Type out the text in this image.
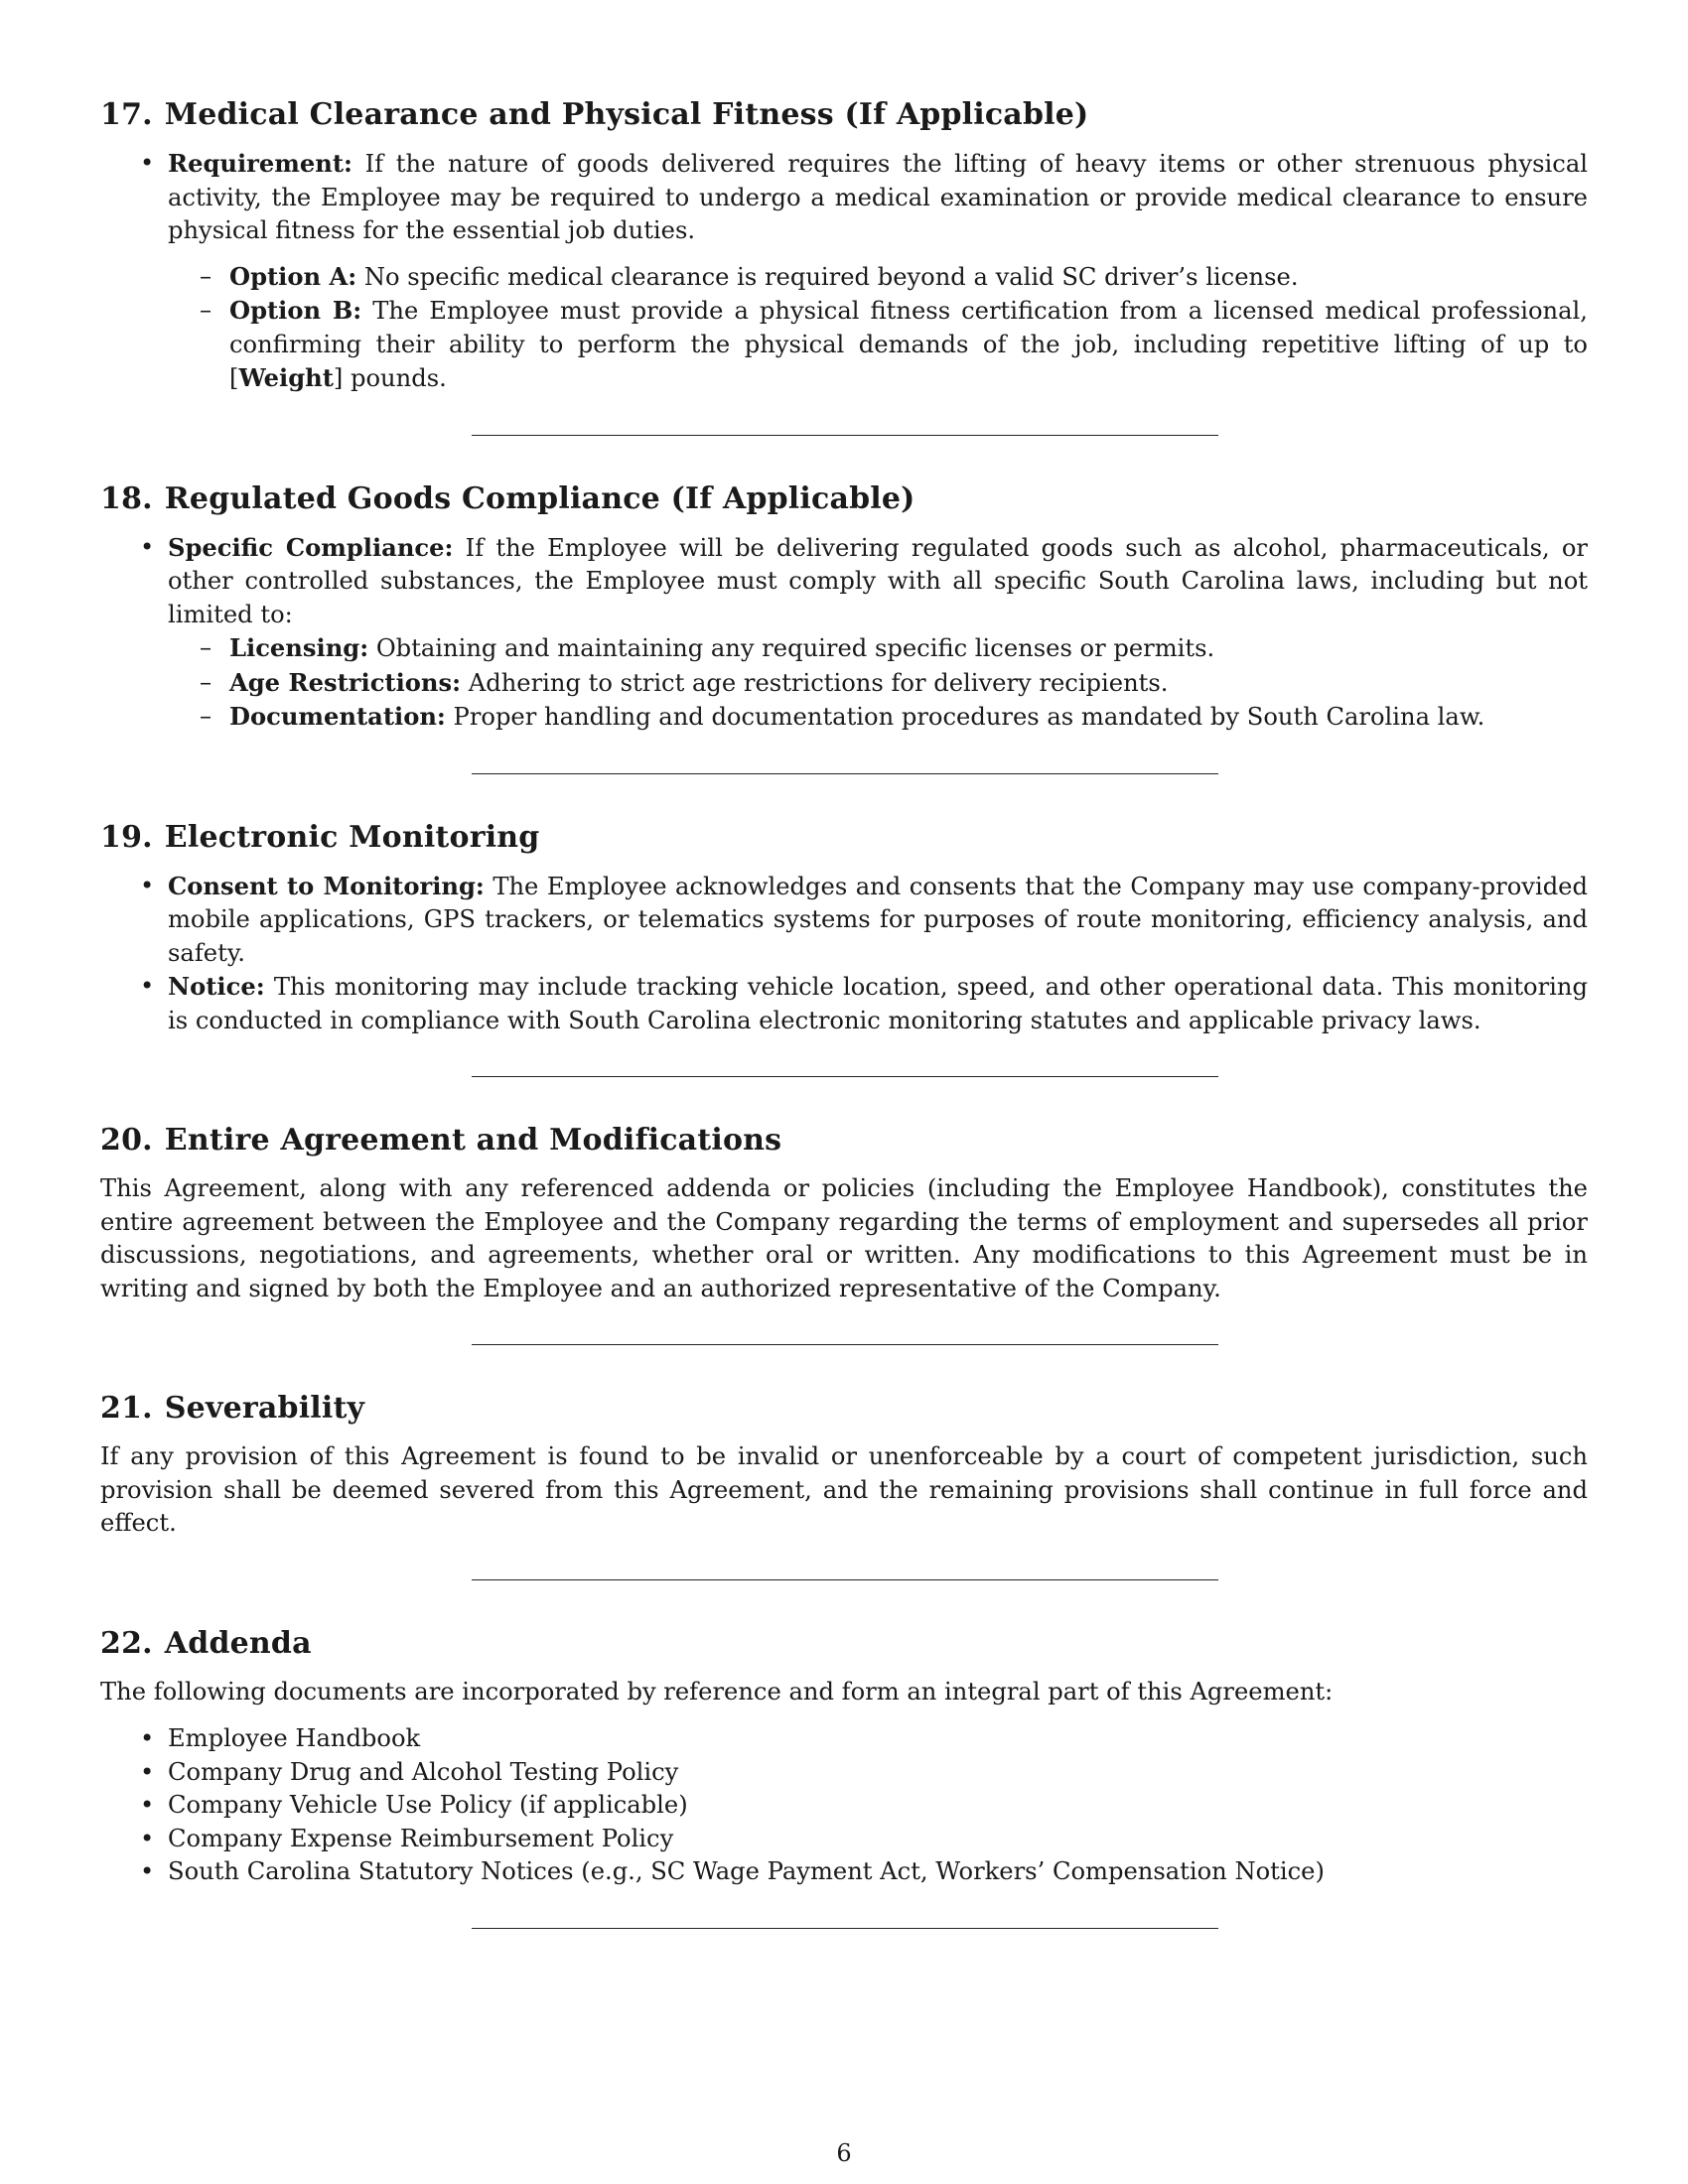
17. Medical Clearance and Physical Fitness (If Applicable)
• Requirement: If the nature of goods delivered requires the lifting of heavy items or other strenuous physical activity, the Employee may be required to undergo a medical examination or provide medical clearance to ensure physical fitness for the essential job duties.
– Option A: No specific medical clearance is required beyond a valid SC driver’s license.
– Option B: The Employee must provide a physical fitness certification from a licensed medical professional, confirming their ability to perform the physical demands of the job, including repetitive lifting of up to [Weight] pounds.
18. Regulated Goods Compliance (If Applicable)
• Specific Compliance: If the Employee will be delivering regulated goods such as alcohol, pharmaceuticals, or other controlled substances, the Employee must comply with all specific South Carolina laws, including but not limited to:
– Licensing: Obtaining and maintaining any required specific licenses or permits.
– Age Restrictions: Adhering to strict age restrictions for delivery recipients.
– Documentation: Proper handling and documentation procedures as mandated by South Carolina law.
19. Electronic Monitoring
• Consent to Monitoring: The Employee acknowledges and consents that the Company may use company-provided mobile applications, GPS trackers, or telematics systems for purposes of route monitoring, efficiency analysis, and safety.
• Notice: This monitoring may include tracking vehicle location, speed, and other operational data. This monitoring is conducted in compliance with South Carolina electronic monitoring statutes and applicable privacy laws.
20. Entire Agreement and Modifications

This Agreement, along with any referenced addenda or policies (including the Employee Handbook), constitutes the entire agreement between the Employee and the Company regarding the terms of employment and supersedes all prior discussions, negotiations, and agreements, whether oral or written. Any modifications to this Agreement must be in writing and signed by both the Employee and an authorized representative of the Company.

21. Severability

If any provision of this Agreement is found to be invalid or unenforceable by a court of competent jurisdiction, such provision shall be deemed severed from this Agreement, and the remaining provisions shall continue in full force and effect.

22. Addenda

The following documents are incorporated by reference and form an integral part of this Agreement:

• Employee Handbook
• Company Drug and Alcohol Testing Policy
• Company Vehicle Use Policy (if applicable)
• Company Expense Reimbursement Policy
• South Carolina Statutory Notices (e.g., SC Wage Payment Act, Workers’ Compensation Notice)
6
